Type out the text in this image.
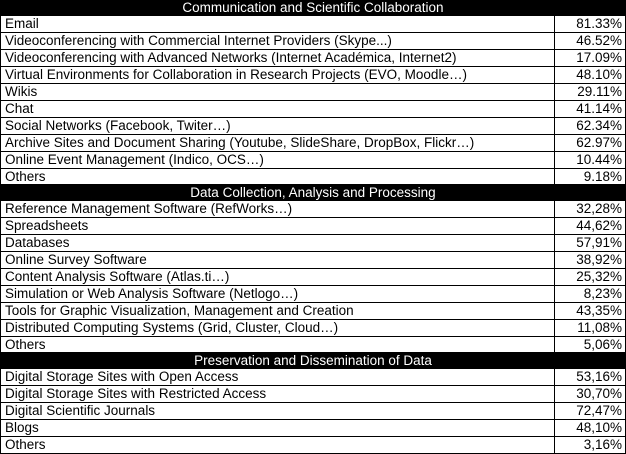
Communication and Scientific Collaboration
Email	81.33%
Videoconferencing with Commercial Internet Providers (Skype...)	46.52%
Videoconferencing with Advanced Networks (Internet Académica, Internet2)	17.09%
Virtual Environments for Collaboration in Research Projects (EVO, Moodle…)	48.10%
Wikis	29.11%
Chat	41.14%
Social Networks (Facebook, Twiter…)	62.34%
Archive Sites and Document Sharing (Youtube, SlideShare, DropBox, Flickr…)	62.97%
Online Event Management (Indico, OCS…)	10.44%
Others	9.18%
Data Collection, Analysis and Processing
Reference Management Software (RefWorks…)	32,28%
Spreadsheets	44,62%
Databases	57,91%
Online Survey Software	38,92%
Content Analysis Software (Atlas.ti…)	25,32%
Simulation or Web Analysis Software (Netlogo…)	8,23%
Tools for Graphic Visualization, Management and Creation	43,35%
Distributed Computing Systems (Grid, Cluster, Cloud…)	11,08%
Others	5,06%
Preservation and Dissemination of Data
Digital Storage Sites with Open Access	53,16%
Digital Storage Sites with Restricted Access	30,70%
Digital Scientific Journals	72,47%
Blogs	48,10%
Others	3,16%
